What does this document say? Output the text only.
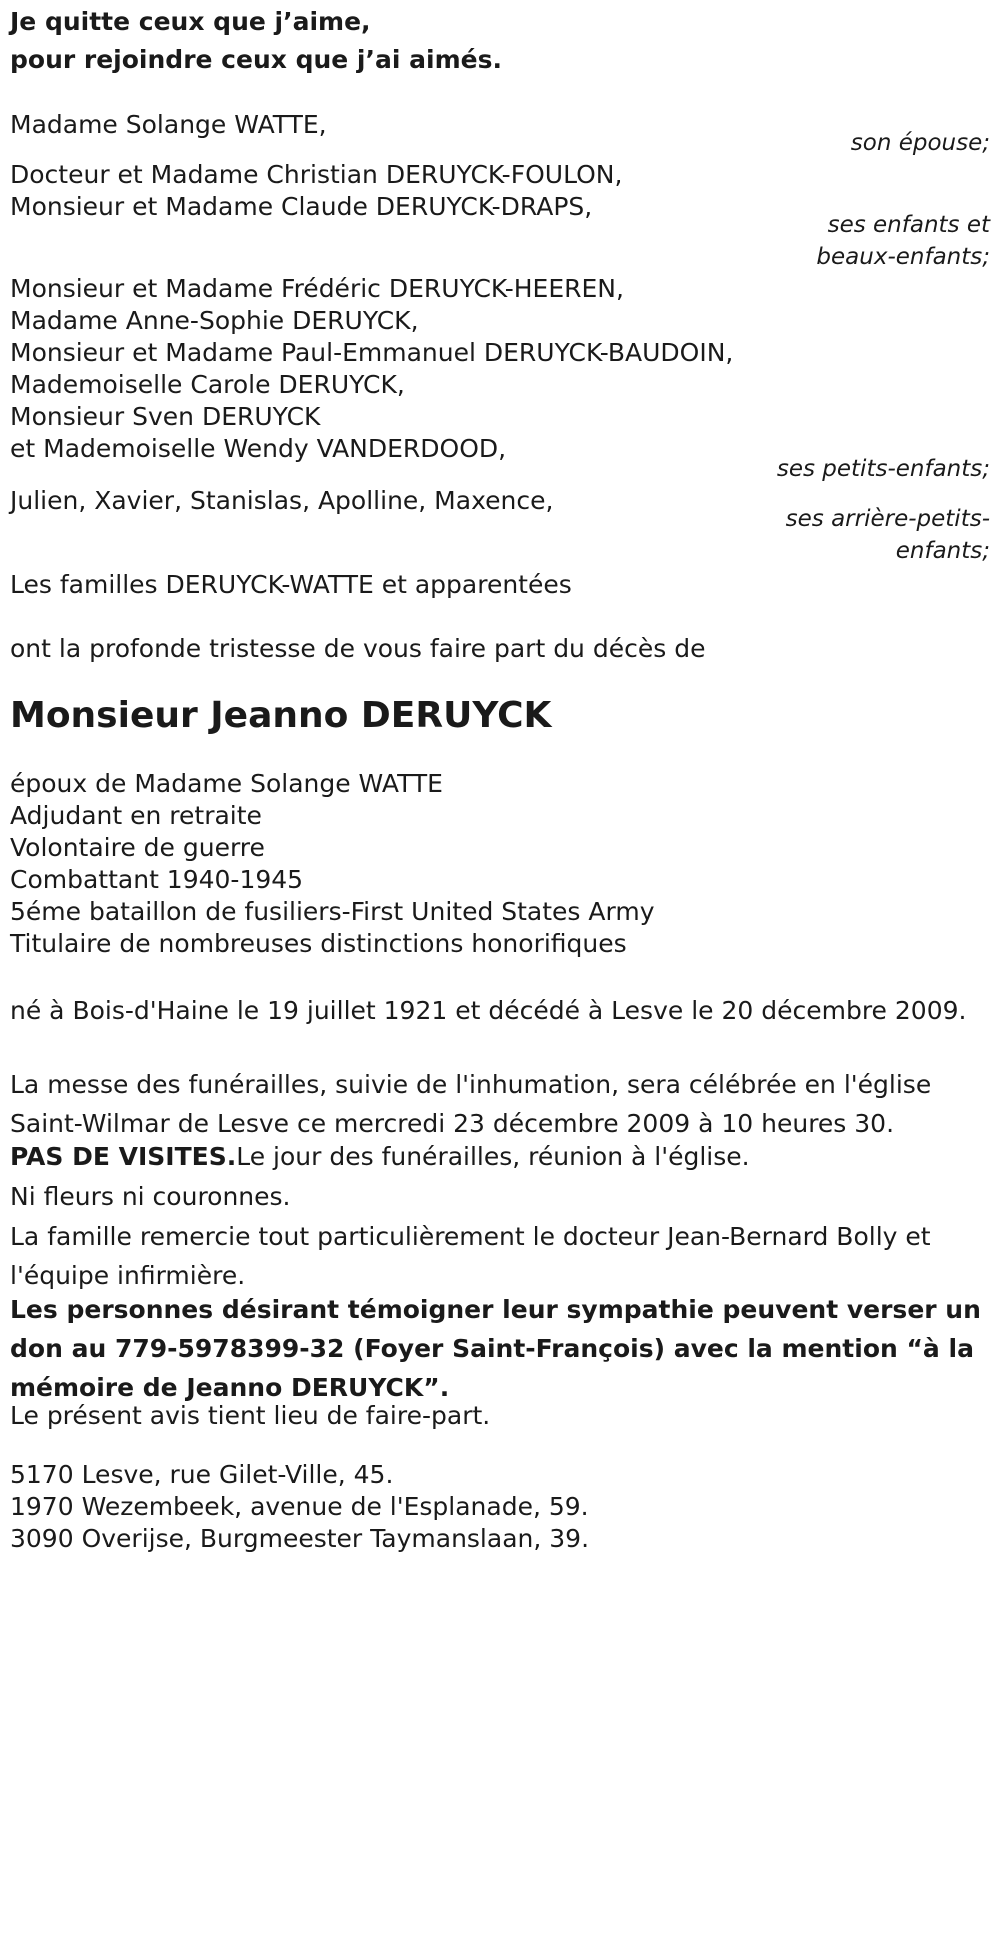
Je quitte ceux que j’aime,

pour rejoindre ceux que j’ai aimés.

Madame Solange WATTE,

son épouse;

Docteur et Madame Christian DERUYCK-FOULON,

Monsieur et Madame Claude DERUYCK-DRAPS,

ses enfants et

beaux-enfants;

Monsieur et Madame Frédéric DERUYCK-HEEREN,

Madame Anne-Sophie DERUYCK,

Monsieur et Madame Paul-Emmanuel DERUYCK-BAUDOIN,

Mademoiselle Carole DERUYCK,

Monsieur Sven DERUYCK

et Mademoiselle Wendy VANDERDOOD,

ses petits-enfants;

Julien, Xavier, Stanislas, Apolline, Maxence,

ses arrière-petits-

enfants;

Les familles DERUYCK-WATTE et apparentées

ont la profonde tristesse de vous faire part du décès de

Monsieur Jeanno DERUYCK

époux de Madame Solange WATTE

Adjudant en retraite

Volontaire de guerre

Combattant 1940-1945

5éme bataillon de fusiliers-First United States Army

Titulaire de nombreuses distinctions honorifiques

né à Bois-d'Haine le 19 juillet 1921 et décédé à Lesve le 20 décembre 2009.

La messe des funérailles, suivie de l'inhumation, sera célébrée en l'église Saint-Wilmar de Lesve ce mercredi 23 décembre 2009 à 10 heures 30.

PAS DE VISITES.Le jour des funérailles, réunion à l'église.

Ni fleurs ni couronnes.

La famille remercie tout particulièrement le docteur Jean-Bernard Bolly et l'équipe infirmière.

Les personnes désirant témoigner leur sympathie peuvent verser un don au 779-5978399-32 (Foyer Saint-François) avec la mention “à la mémoire de Jeanno DERUYCK”.

Le présent avis tient lieu de faire-part.

5170 Lesve, rue Gilet-Ville, 45.

1970 Wezembeek, avenue de l'Esplanade, 59.

3090 Overijse, Burgmeester Taymanslaan, 39.
